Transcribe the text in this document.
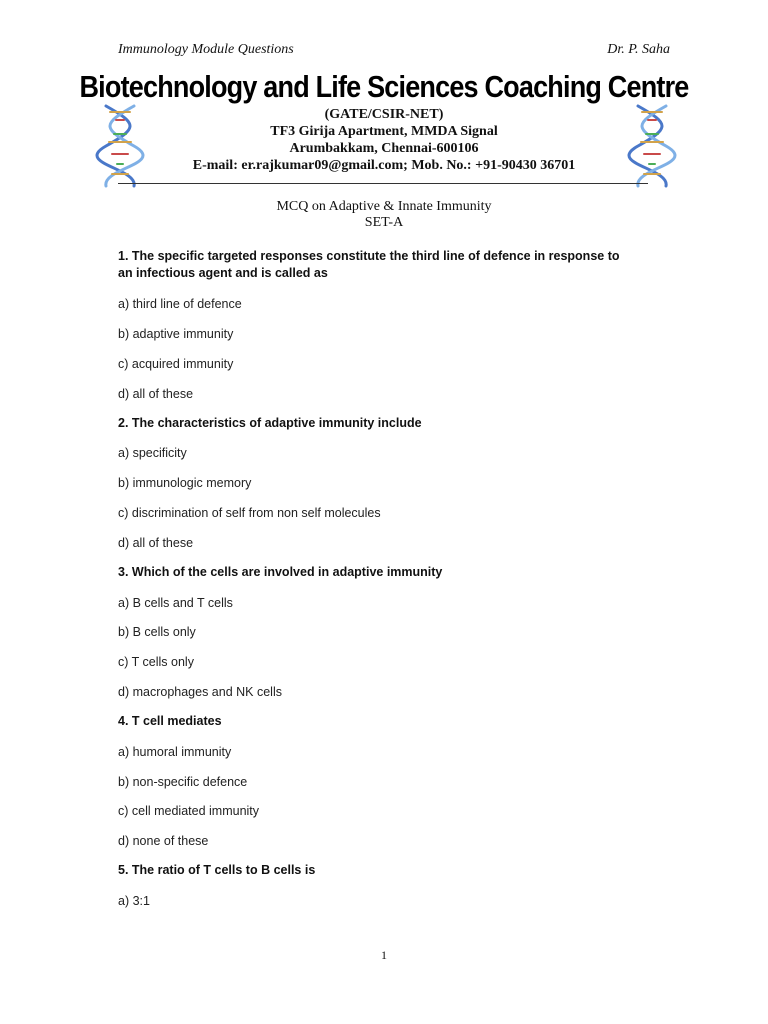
Immunology Module Questions	Dr. P. Saha
Biotechnology and Life Sciences Coaching Centre
(GATE/CSIR-NET)
TF3 Girija Apartment, MMDA Signal
Arumbakkam, Chennai-600106
E-mail: er.rajkumar09@gmail.com; Mob. No.: +91-90430 36701
MCQ on Adaptive & Innate Immunity
SET-A
1. The specific targeted responses constitute the third line of defence in response to
an infectious agent and is called as
a) third line of defence
b) adaptive immunity
c) acquired immunity
d) all of these
2. The characteristics of adaptive immunity include
a) specificity
b) immunologic memory
c) discrimination of self from non self molecules
d) all of these
3. Which of the cells are involved in adaptive immunity
a) B cells and T cells
b) B cells only
c) T cells only
d) macrophages and NK cells
4. T cell mediates
a) humoral immunity
b) non-specific defence
c) cell mediated immunity
d) none of these
5. The ratio of T cells to B cells is
a) 3:1
1
